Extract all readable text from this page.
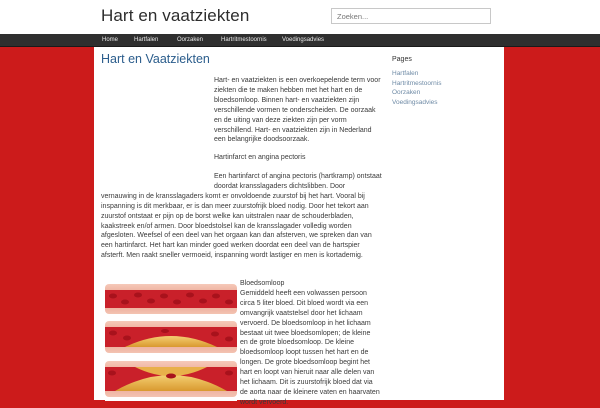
Hart en vaatziekten
Zoeken...
Home	Hartfalen	Oorzaken	Hartritmestoornis	Voedingsadvies
Hart en Vaatziekten

Hart- en vaatziekten is een overkoepelende term voor ziekten die te maken hebben met het hart en de bloedsomloop. Binnen hart- en vaatziekten zijn verschillende vormen te onderscheiden. De oorzaak en de uiting van deze ziekten zijn per vorm verschillend. Hart- en vaatziekten zijn in Nederland een belangrijke doodsoorzaak.

Hartinfarct en angina pectoris

Een hartinfarct of angina pectoris (hartkramp) ontstaat doordat kransslagaders dichtslibben. Door

vernauwing in de kransslagaders komt er onvoldoende zuurstof bij het hart. Vooral bij inspanning is dit merkbaar, er is dan meer zuurstofrijk bloed nodig. Door het tekort aan zuurstof ontstaat er pijn op de borst welke kan uitstralen naar de schouderbladen, kaakstreek en/of armen. Door bloedstolsel kan de kransslagader volledig worden afgesloten. Weefsel of een deel van het orgaan kan dan afsterven, we spreken dan van een hartinfarct. Het hart kan minder goed werken doordat een deel van de hartspier afsterft. Men raakt sneller vermoeid, inspanning wordt lastiger en men is kortademig.

Bloedsomloop
Gemiddeld heeft een volwassen persoon circa 5 liter bloed. Dit bloed wordt via een omvangrijk vaatstelsel door het lichaam vervoerd. De bloedsomloop in het lichaam bestaat uit twee bloedsomlopen; de kleine en de grote bloedsomloop. De kleine bloedsomloop loopt tussen het hart en de longen. De grote bloedsomloop begint het hart en loopt van hieruit naar alle delen van het lichaam. Dit is zuurstofrijk bloed dat via de aorta naar de kleinere vaten en haarvaten wordt vervoerd.

Pages
Hartfalen
Hartritmestoornis
Oorzaken
Voedingsadvies
